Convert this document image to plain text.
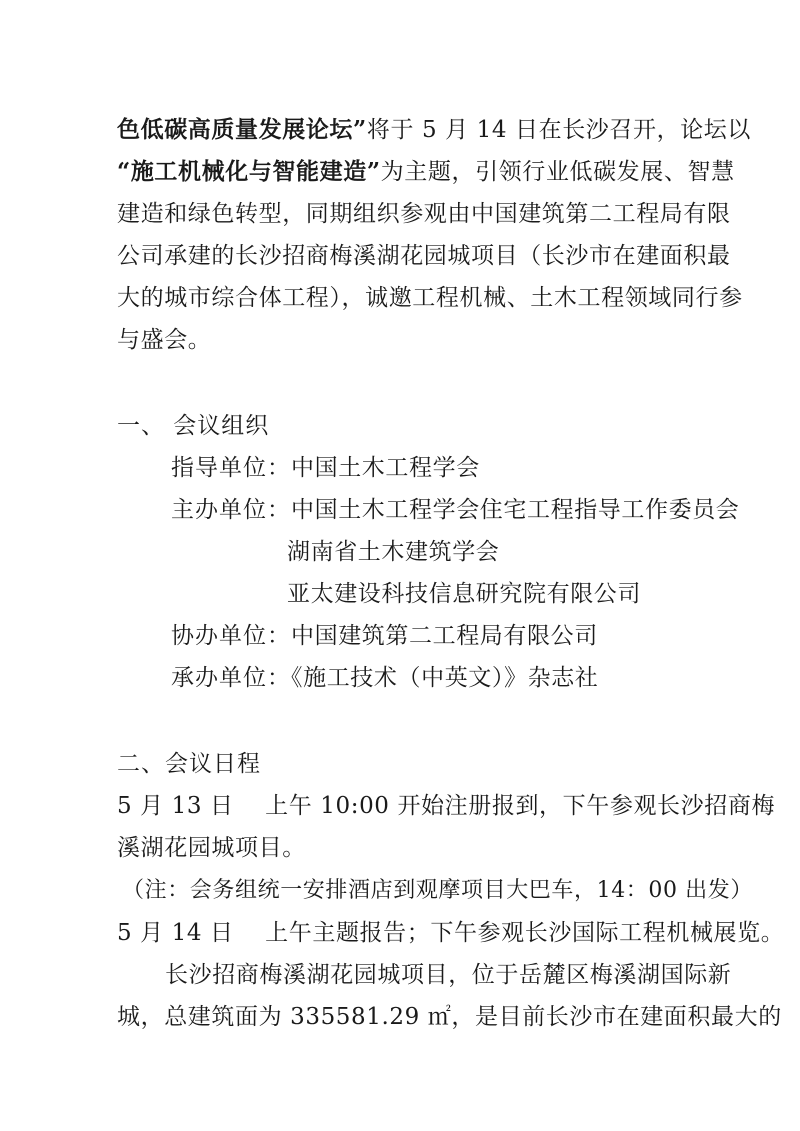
色低碳高质量发展论坛”将于 5 月 14 日在长沙召开，论坛以
“施工机械化与智能建造”为主题，引领行业低碳发展、智慧
建造和绿色转型，同期组织参观由中国建筑第二工程局有限
公司承建的长沙招商梅溪湖花园城项目（长沙市在建面积最
大的城市综合体工程），诚邀工程机械、土木工程领域同行参
与盛会。
一、 会议组织
指导单位：中国土木工程学会
主办单位：中国土木工程学会住宅工程指导工作委员会
湖南省土木建筑学会
亚太建设科技信息研究院有限公司
协办单位：中国建筑第二工程局有限公司
承办单位：《施工技术（中英文）》杂志社
二、会议日程
5 月 13 日　 上午 10:00 开始注册报到，下午参观长沙招商梅
溪湖花园城项目。
（注：会务组统一安排酒店到观摩项目大巴车，14：00 出发）
5 月 14 日　 上午主题报告；下午参观长沙国际工程机械展览。
长沙招商梅溪湖花园城项目，位于岳麓区梅溪湖国际新
城，总建筑面为 335581.29 ㎡，是目前长沙市在建面积最大的
